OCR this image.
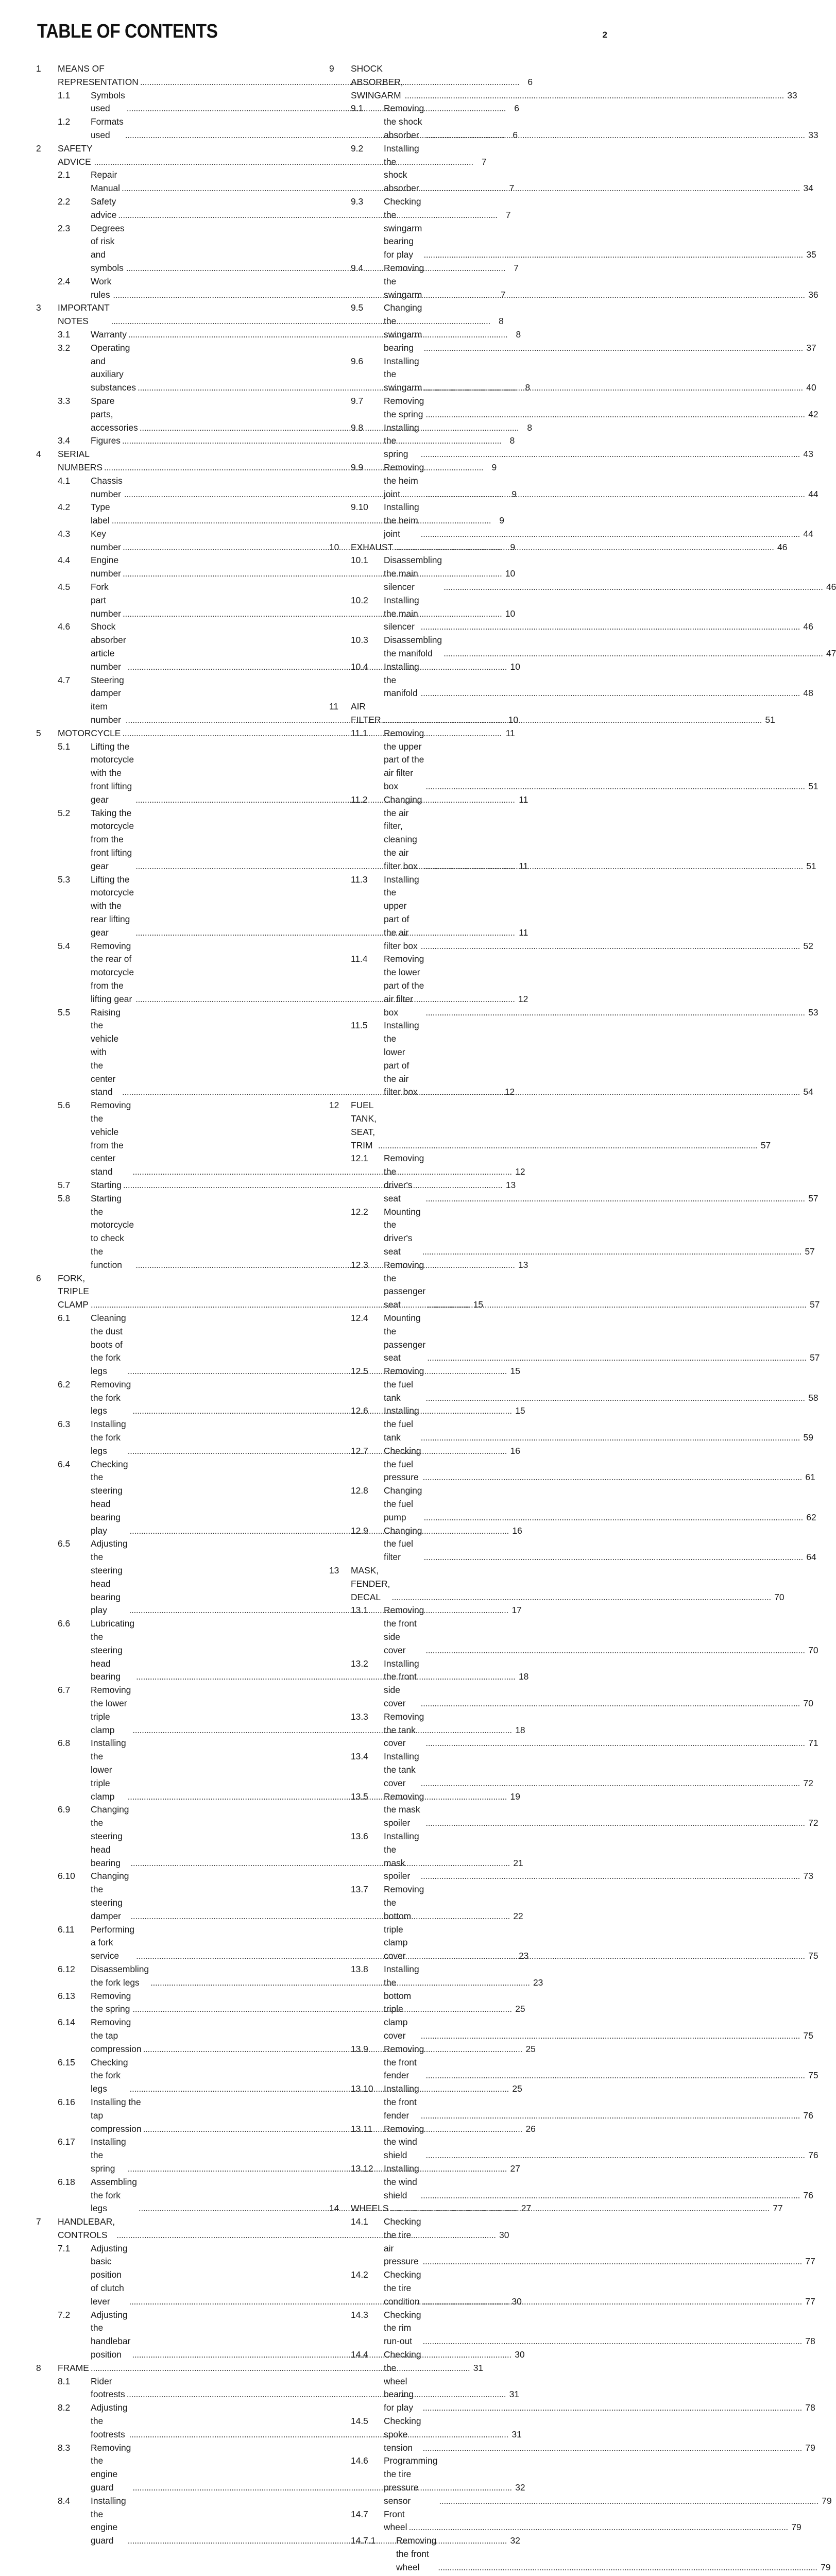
TABLE OF CONTENTS	2
1	MEANS OF REPRESENTATION . . .	6
1.1	Symbols used . . .	6
1.2	Formats used . . .	6
2	SAFETY ADVICE . . .	7
2.1	Repair Manual . . .	7
2.2	Safety advice . . .	7
2.3	Degrees of risk and symbols . . .	7
2.4	Work rules . . .	7
3	IMPORTANT NOTES . . .	8
3.1	Warranty . . .	8
3.2	Operating and auxiliary substances . . .	8
3.3	Spare parts, accessories . . .	8
3.4	Figures . . .	8
4	SERIAL NUMBERS . . .	9
4.1	Chassis number . . .	9
4.2	Type label . . .	9
4.3	Key number . . .	9
4.4	Engine number . . .	10
4.5	Fork part number . . .	10
4.6	Shock absorber article number . . .	10
4.7	Steering damper item number . . .	10
5	MOTORCYCLE . . .	11
5.1	Lifting the motorcycle with the front lifting gear . . .	11
5.2	Taking the motorcycle from the front lifting gear . . .	11
5.3	Lifting the motorcycle with the rear lifting gear . . .	11
5.4	Removing the rear of motorcycle from the lifting gear . . .	12
5.5	Raising the vehicle with the center stand . . .	12
5.6	Removing the vehicle from the center stand . . .	12
5.7	Starting . . .	13
5.8	Starting the motorcycle to check the function . . .	13
6	FORK, TRIPLE CLAMP . . .	15
6.1	Cleaning the dust boots of the fork legs . . .	15
6.2	Removing the fork legs . . .	15
6.3	Installing the fork legs . . .	16
6.4	Checking the steering head bearing play . . .	16
6.5	Adjusting the steering head bearing play . . .	17
6.6	Lubricating the steering head bearing . . .	18
6.7	Removing the lower triple clamp . . .	18
6.8	Installing the lower triple clamp . . .	19
6.9	Changing the steering head bearing . . .	21
6.10	Changing the steering damper . . .	22
6.11	Performing a fork service . . .	23
6.12	Disassembling the fork legs . . .	23
6.13	Removing the spring . . .	25
6.14	Removing the tap compression . . .	25
6.15	Checking the fork legs . . .	25
6.16	Installing the tap compression . . .	26
6.17	Installing the spring . . .	27
6.18	Assembling the fork legs . . .	27
7	HANDLEBAR, CONTROLS . . .	30
7.1	Adjusting basic position of clutch lever . . .	30
7.2	Adjusting the handlebar position . . .	30
8	FRAME . . .	31
8.1	Rider footrests . . .	31
8.2	Adjusting the footrests . . .	31
8.3	Removing the engine guard . . .	32
8.4	Installing the engine guard . . .	32
9	SHOCK ABSORBER, SWINGARM . . .	33
9.1	Removing the shock absorber . . .	33
9.2	Installing the shock absorber . . .	34
9.3	Checking the swingarm bearing for play . . .	35
9.4	Removing the swingarm . . .	36
9.5	Changing the swingarm bearing . . .	37
9.6	Installing the swingarm . . .	40
9.7	Removing the spring . . .	42
9.8	Installing the spring . . .	43
9.9	Removing the heim joint . . .	44
9.10	Installing the heim joint . . .	44
10	EXHAUST . . .	46
10.1	Disassembling the main silencer . . .	46
10.2	Installing the main silencer . . .	46
10.3	Disassembling the manifold . . .	47
10.4	Installing the manifold . . .	48
11	AIR FILTER . . .	51
11.1	Removing the upper part of the air filter box . . .	51
11.2	Changing the air filter, cleaning the air filter box . . .	51
11.3	Installing the upper part of the air filter box . . .	52
11.4	Removing the lower part of the air filter box . . .	53
11.5	Installing the lower part of the air filter box . . .	54
12	FUEL TANK, SEAT, TRIM . . .	57
12.1	Removing the driver's seat . . .	57
12.2	Mounting the driver's seat . . .	57
12.3	Removing the passenger seat . . .	57
12.4	Mounting the passenger seat . . .	57
12.5	Removing the fuel tank . . .	58
12.6	Installing the fuel tank . . .	59
12.7	Checking the fuel pressure . . .	61
12.8	Changing the fuel pump . . .	62
12.9	Changing the fuel filter . . .	64
13	MASK, FENDER, DECAL . . .	70
13.1	Removing the front side cover . . .	70
13.2	Installing the front side cover . . .	70
13.3	Removing the tank cover . . .	71
13.4	Installing the tank cover . . .	72
13.5	Removing the mask spoiler . . .	72
13.6	Installing the mask spoiler . . .	73
13.7	Removing the bottom triple clamp cover . . .	75
13.8	Installing the bottom triple clamp cover . . .	75
13.9	Removing the front fender . . .	75
13.10	Installing the front fender . . .	76
13.11	Removing the wind shield . . .	76
13.12	Installing the wind shield . . .	76
14	WHEELS . . .	77
14.1	Checking the tire air pressure . . .	77
14.2	Checking the tire condition . . .	77
14.3	Checking the rim run-out . . .	78
14.4	Checking the wheel bearing for play . . .	78
14.5	Checking spoke tension . . .	79
14.6	Programming the tire pressure sensor . . .	79
14.7	Front wheel . . .	79
14.7.1	Removing the front wheel . . .	79
